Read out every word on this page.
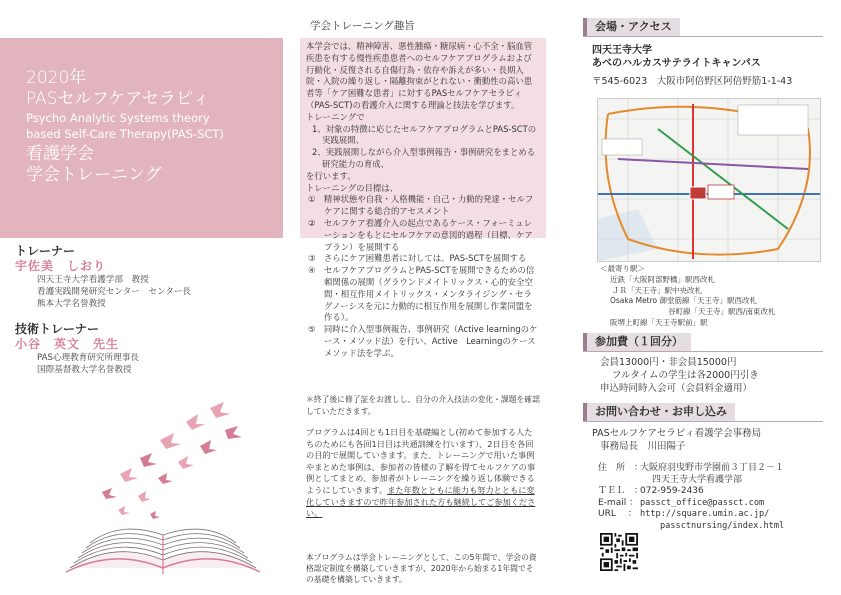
2020年
PASセルフケアセラピィ
Psycho Analytic Systems theory
based Self-Care Therapy(PAS-SCT)
看護学会
学会トレーニング
トレーナー
宇佐美　しおり
四天王寺大学看護学部　教授
看護実践開発研究センター　センター長
熊本大学名誉教授
技術トレーナー
小谷　英文　先生
PAS心理教育研究所理事長
国際基督教大学名誉教授
学会トレーニング趣旨

本学会では、精神障害、悪性腫瘍・糖尿病・心不全・脳血管疾患を有する慢性疾患患者へのセルフケアプログラムおよび行動化・反復される自傷行為・依存や訴えが多い・長期入院・入院の繰り返し・隔離拘束がとれない・衝動性の高い患者等「ケア困難な患者」に対するPASセルフケアセラピィ（PAS-SCT)の看護介入に関する理論と技法を学びます。

トレーニングで

1、対象の特徴に応じたセルフケアプログラムとPAS-SCTの実践展開、

2、実践展開しながら介入型事例報告・事例研究をまとめる研究能力の育成、

を行います。

トレーニングの目標は、

①　精神状態や自我・人格機能・自己・力動的発達・セルフケアに関する総合的アセスメント

②　セルフケア看護介入の起点であるケース・フォーミュレーションをもとにセルフケアの意図的過程（目標、ケアプラン）を展開する

③　さらにケア困難患者に対しては、PAS-SCTを展開する

④　セルフケアプログラムとPAS-SCTを展開できるための信頼関係の展開（グラウンドメイトリックス・心的安全空間・相互作用メイトリックス・メンタライジング・セラグノーシスを元に力動的に相互作用を展開し作業同盟を作る）。

⑤　同時に介入型事例報告、事例研究（Active learningのケース・メソッド法）を行い、Active　Learningのケースメソッド法を学ぶ。

＊終了後に修了証をお渡しし、自分の介入技法の変化・課題を確認していただきます。
プログラムは4回とも1日目を基礎編とし(初めて参加する人たちのためにも各回1日目は共通訓練を行います）、2日目を各回の目的で展開していきます。また、トレーニングで用いた事例やまとめた事例は、参加者の皆様の了解を得てセルフケアの事例としてまとめ、参加者がトレーニングを繰り返し体験できるようにしていきます。また年数とともに能力も努力とともに変化していきますので昨年参加された方も継続してご参加ください。
本プログラムは学会トレーニングとして、この5年間で、学会の資格認定制度を構築していきますが、2020年から始まる1年間でその基礎を構築していきます。
会場・アクセス
四天王寺大学
あべのハルカスサテライトキャンパス
〒545-6023　大阪市阿倍野区阿倍野筋1-1-43
＜最寄り駅＞
近鉄「大阪阿部野橋」駅西改札
ＪＲ「天王寺」駅中央改札
Osaka Metro 御堂筋線「天王寺」駅西改札
谷町線「天王寺」駅西/南東改札
阪堺上町線「天王寺駅前」駅
参加費（１回分）
会員13000円・非会員15000円
フルタイムの学生は各2000円引き
申込時同時入会可（会員料金適用）
お問い合わせ・お申し込み
PASセルフケアセラピィ看護学会事務局
事務局長　川田陽子
住　所　：
大阪府羽曳野市学園前３丁目２－１
四天王寺大学看護学部
ＴＥＬ　：
072-959-2436
E-mail ： passct_office@passct.com
URL　 ： http://square.umin.ac.jp/
passctnursing/index.html
